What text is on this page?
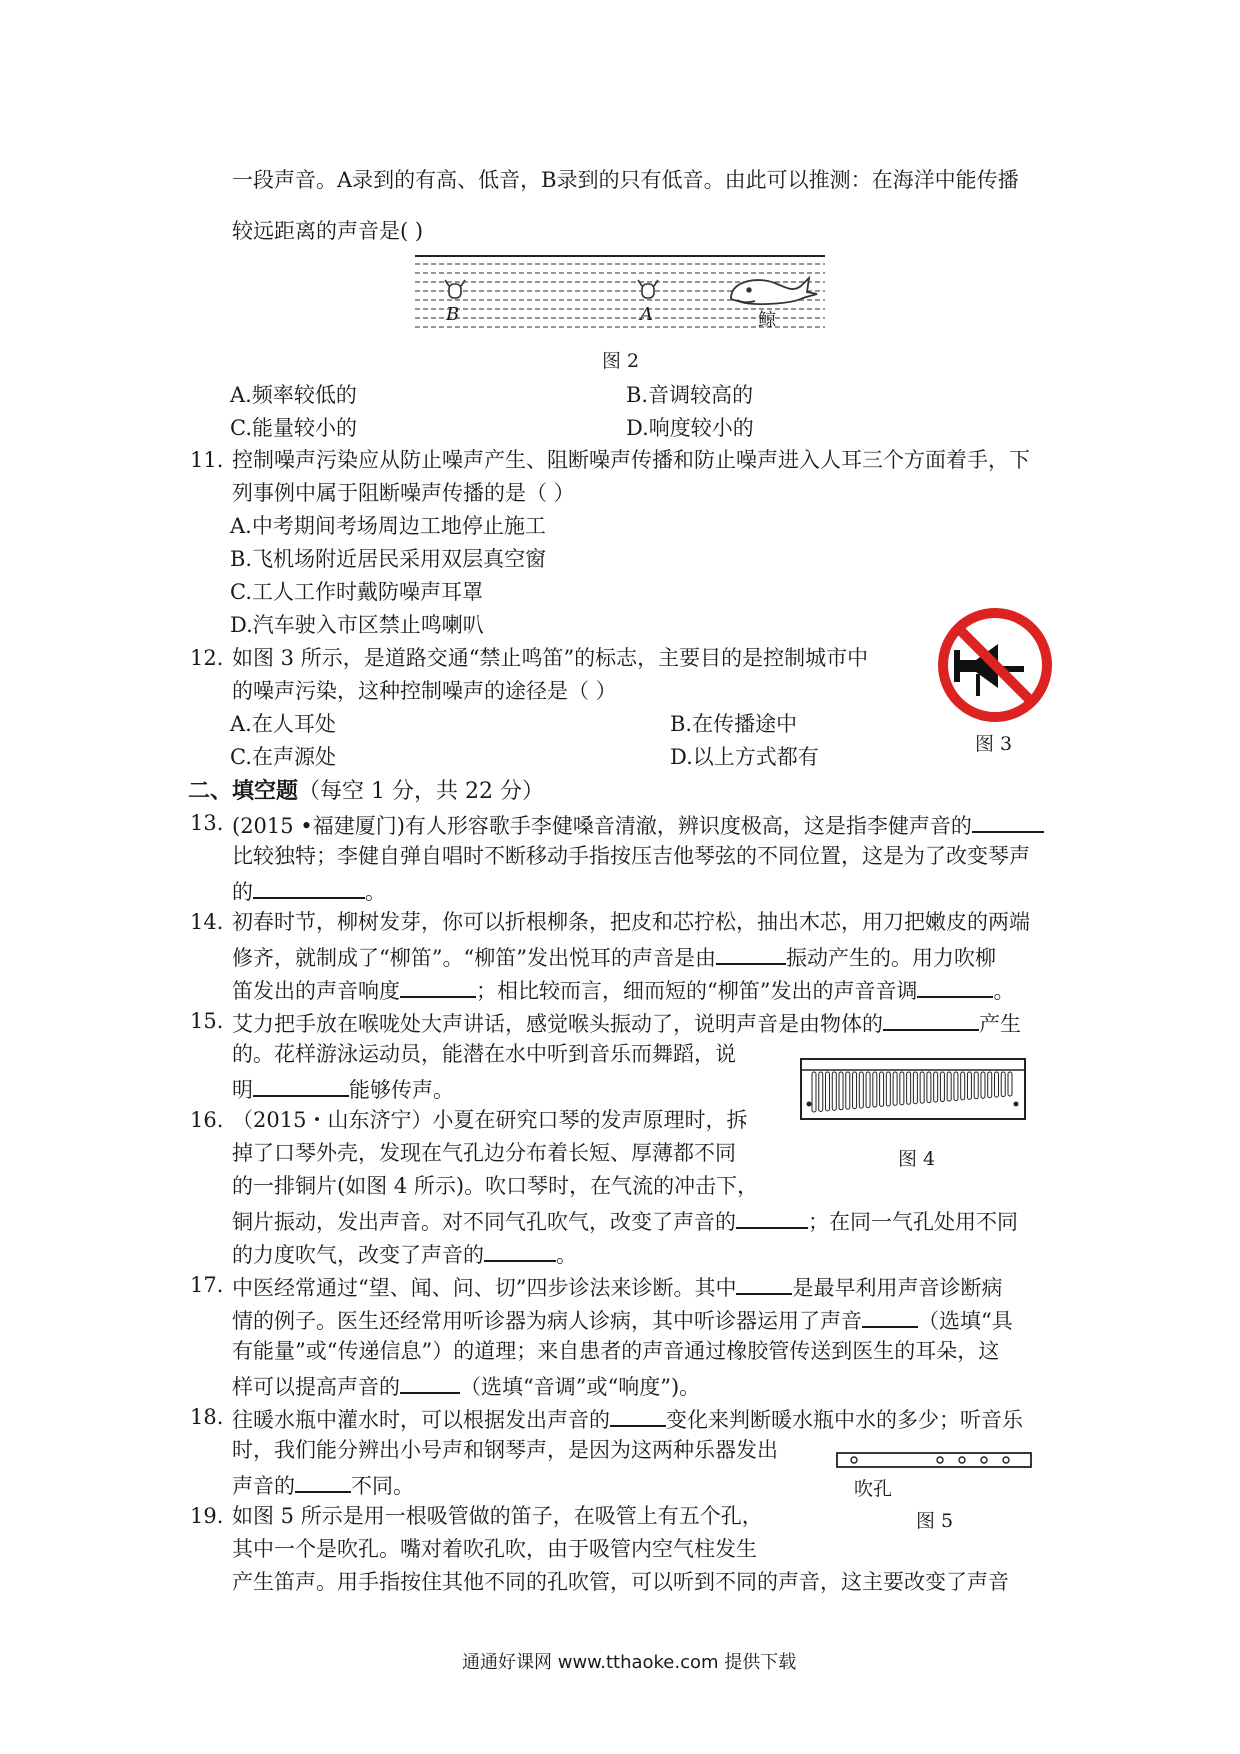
一段声音。A录到的有高、低音，B录到的只有低音。由此可以推测：在海洋中能传播
较远距离的声音是( )
B	A	鲸
图 2
A.频率较低的	B.音调较高的
C.能量较小的	D.响度较小的
11. 控制噪声污染应从防止噪声产生、阻断噪声传播和防止噪声进入人耳三个方面着手，下
列事例中属于阻断噪声传播的是（ ）
A.中考期间考场周边工地停止施工
B.飞机场附近居民采用双层真空窗
C.工人工作时戴防噪声耳罩
D.汽车驶入市区禁止鸣喇叭
12. 如图 3 所示，是道路交通“禁止鸣笛”的标志，主要目的是控制城市中
的噪声污染，这种控制噪声的途径是（ ）
A.在人耳处	B.在传播途中
C.在声源处	D.以上方式都有
图 3
二、填空题（每空 1 分，共 22 分）
13. (2015 •福建厦门)有人形容歌手李健嗓音清澈，辨识度极高，这是指李健声音的
比较独特；李健自弹自唱时不断移动手指按压吉他琴弦的不同位置，这是为了改变琴声
的	。
14. 初春时节，柳树发芽，你可以折根柳条，把皮和芯拧松，抽出木芯，用刀把嫩皮的两端
修齐，就制成了“柳笛”。“柳笛”发出悦耳的声音是由	振动产生的。用力吹柳
笛发出的声音响度	；相比较而言，细而短的“柳笛”发出的声音音调	。
15. 艾力把手放在喉咙处大声讲话，感觉喉头振动了，说明声音是由物体的	产生
的。花样游泳运动员，能潜在水中听到音乐而舞蹈，说
明	能够传声。
图 4
16. （2015・山东济宁）小夏在研究口琴的发声原理时，拆
掉了口琴外壳，发现在气孔边分布着长短、厚薄都不同
的一排铜片(如图 4 所示)。吹口琴时，在气流的冲击下，
铜片振动，发出声音。对不同气孔吹气，改变了声音的	；在同一气孔处用不同
的力度吹气，改变了声音的	。
17. 中医经常通过“望、闻、问、切”四步诊法来诊断。其中	是最早利用声音诊断病
情的例子。医生还经常用听诊器为病人诊病，其中听诊器运用了声音	（选填“具
有能量”或“传递信息”）的道理；来自患者的声音通过橡胶管传送到医生的耳朵，这
样可以提高声音的	（选填“音调”或“响度”)。
18. 往暖水瓶中灌水时，可以根据发出声音的	变化来判断暖水瓶中水的多少；听音乐
时，我们能分辨出小号声和钢琴声，是因为这两种乐器发出
声音的	不同。	吹孔
图 5
19. 如图 5 所示是用一根吸管做的笛子，在吸管上有五个孔，
其中一个是吹孔。嘴对着吹孔吹，由于吸管内空气柱发生
产生笛声。用手指按住其他不同的孔吹管，可以听到不同的声音，这主要改变了声音
通通好课网 www.tthaoke.com 提供下载
